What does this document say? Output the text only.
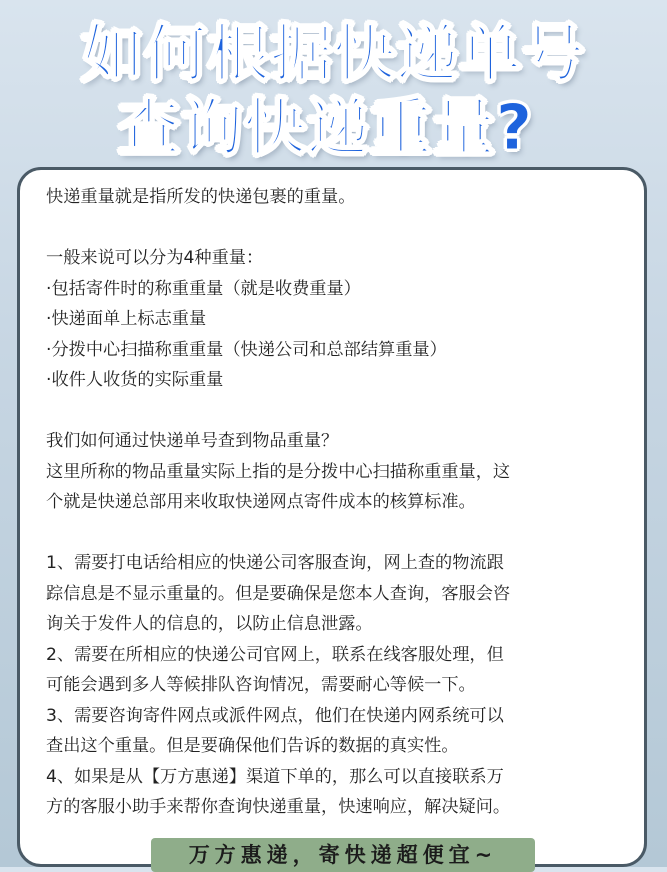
如何根据快递单号
查询快递重量?
快递重量就是指所发的快递包裹的重量。
一般来说可以分为4种重量：
·包括寄件时的称重重量（就是收费重量）
·快递面单上标志重量
·分拨中心扫描称重重量（快递公司和总部结算重量）
·收件人收货的实际重量
我们如何通过快递单号查到物品重量？
这里所称的物品重量实际上指的是分拨中心扫描称重重量，这
个就是快递总部用来收取快递网点寄件成本的核算标准。
1、需要打电话给相应的快递公司客服查询，网上查的物流跟
踪信息是不显示重量的。但是要确保是您本人查询，客服会咨
询关于发件人的信息的，以防止信息泄露。
2、需要在所相应的快递公司官网上，联系在线客服处理，但
可能会遇到多人等候排队咨询情况，需要耐心等候一下。
3、需要咨询寄件网点或派件网点，他们在快递内网系统可以
查出这个重量。但是要确保他们告诉的数据的真实性。
4、如果是从【万方惠递】渠道下单的，那么可以直接联系万
方的客服小助手来帮你查询快递重量，快速响应，解决疑问。
万方惠递，寄快递超便宜~
